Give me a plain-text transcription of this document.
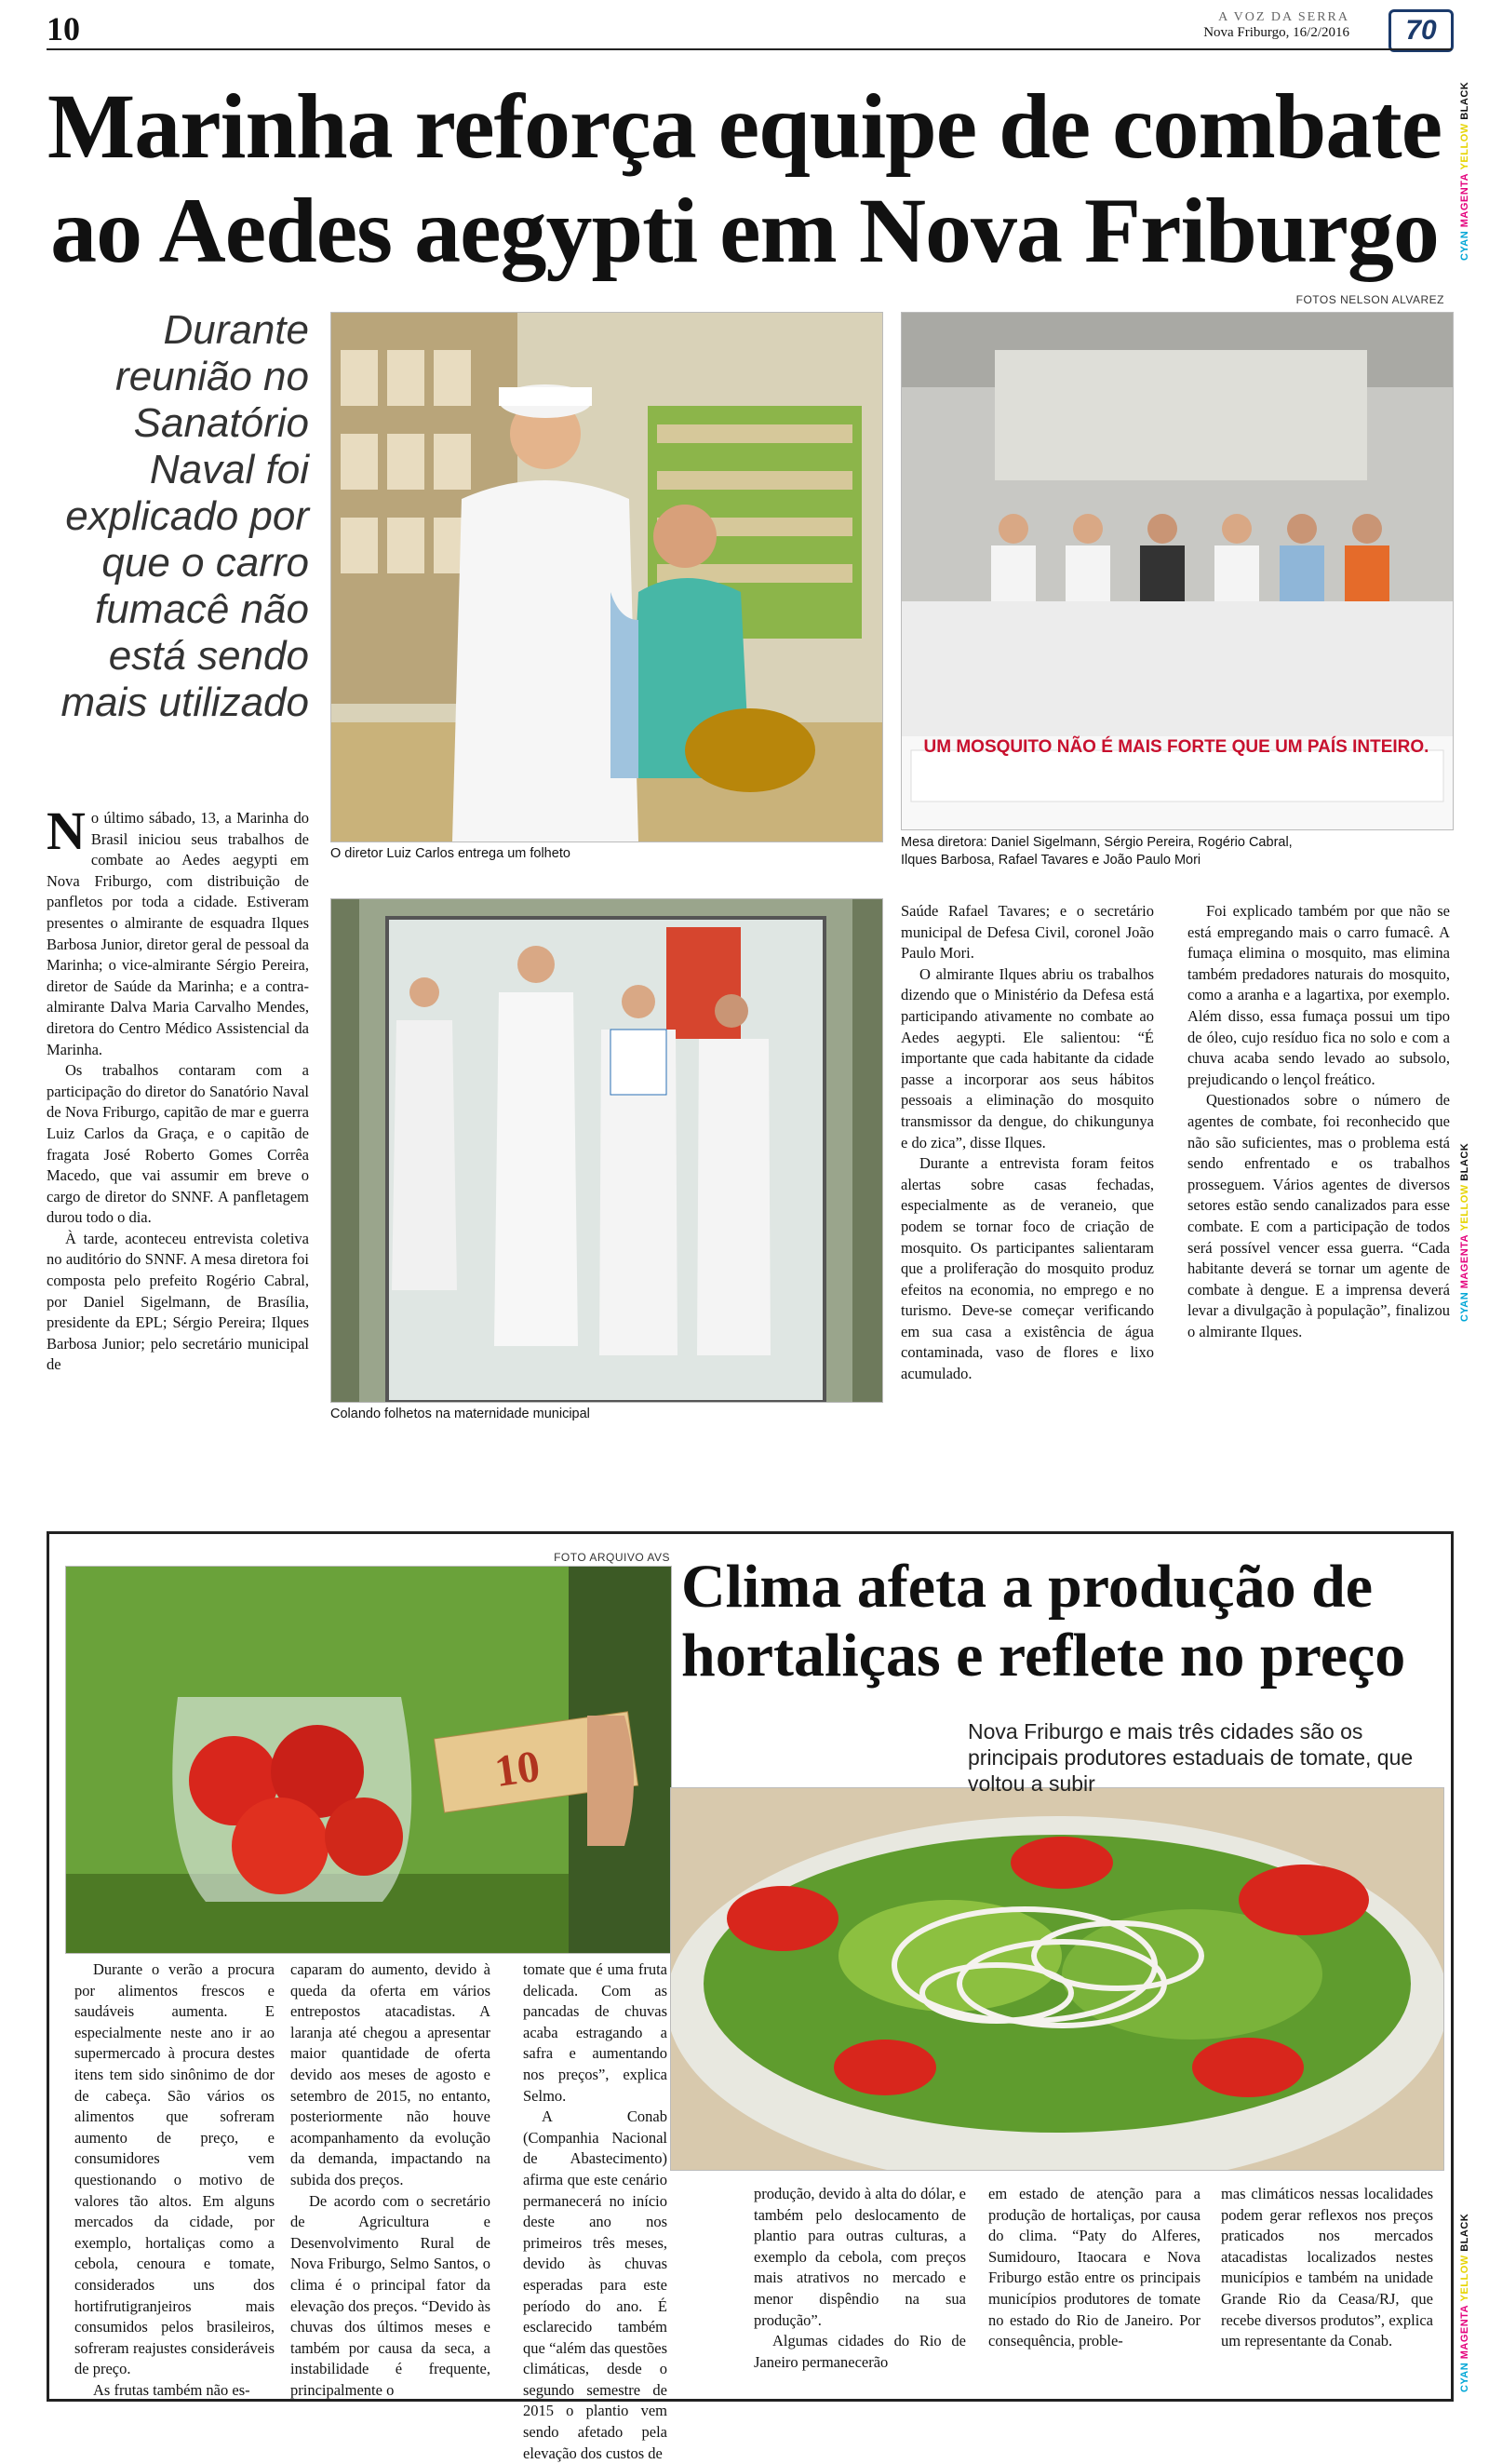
10	A VOZ DA SERRA
Nova Friburgo, 16/2/2016	70
CYAN MAGENTA YELLOW BLACK
CYAN MAGENTA YELLOW BLACK
CYAN MAGENTA YELLOW BLACK
Marinha reforça equipe de combate ao Aedes aegypti em Nova Friburgo
FOTOS NELSON ALVAREZ
Durante reunião no Sanatório Naval foi explicado por que o carro fumacê não está sendo mais utilizado
O diretor Luiz Carlos entrega um folheto
UM MOSQUITO NÃO É MAIS FORTE QUE UM PAÍS INTEIRO.
Mesa diretora: Daniel Sigelmann, Sérgio Pereira, Rogério Cabral, Ilques Barbosa, Rafael Tavares e João Paulo Mori
Colando folhetos na maternidade municipal

No último sábado, 13, a Marinha do Brasil iniciou seus trabalhos de combate ao Aedes aegypti em Nova Friburgo, com distribuição de panfletos por toda a cidade. Estiveram presentes o almirante de esquadra Ilques Barbosa Junior, diretor geral de pessoal da Marinha; o vice-almirante Sérgio Pereira, diretor de Saúde da Marinha; e a contra-almirante Dalva Maria Carvalho Mendes, diretora do Centro Médico Assistencial da Marinha.

Os trabalhos contaram com a participação do diretor do Sanatório Naval de Nova Friburgo, capitão de mar e guerra Luiz Carlos da Graça, e o capitão de fragata José Roberto Gomes Corrêa Macedo, que vai assumir em breve o cargo de diretor do SNNF. A panfletagem durou todo o dia.

À tarde, aconteceu entrevista coletiva no auditório do SNNF. A mesa diretora foi composta pelo prefeito Rogério Cabral, por Daniel Sigelmann, de Brasília, presidente da EPL; Sérgio Pereira; Ilques Barbosa Junior; pelo secretário municipal de

Saúde Rafael Tavares; e o secretário municipal de Defesa Civil, coronel João Paulo Mori.

O almirante Ilques abriu os trabalhos dizendo que o Ministério da Defesa está participando ativamente no combate ao Aedes aegypti. Ele salientou: “É importante que cada habitante da cidade passe a incorporar aos seus hábitos pessoais a eliminação do mosquito transmissor da dengue, do chikungunya e do zica”, disse Ilques.

Durante a entrevista foram feitos alertas sobre casas fechadas, especialmente as de veraneio, que podem se tornar foco de criação de mosquito. Os participantes salientaram que a proliferação do mosquito produz efeitos na economia, no emprego e no turismo. Deve-se começar verificando em sua casa a existência de água contaminada, vaso de flores e lixo acumulado.

Foi explicado também por que não se está empregando mais o carro fumacê. A fumaça elimina o mosquito, mas elimina também predadores naturais do mosquito, como a aranha e a lagartixa, por exemplo. Além disso, essa fumaça possui um tipo de óleo, cujo resíduo fica no solo e com a chuva acaba sendo levado ao subsolo, prejudicando o lençol freático.

Questionados sobre o número de agentes de combate, foi reconhecido que não são suficientes, mas o problema está sendo enfrentado e os trabalhos prosseguem. Vários agentes de diversos setores estão sendo canalizados para esse combate. E com a participação de todos será possível vencer essa guerra. “Cada habitante deverá se tornar um agente de combate à dengue. E a imprensa deverá levar a divulgação à população”, finalizou o almirante Ilques.

FOTO ARQUIVO AVS
10
Clima afeta a produção de hortaliças e reflete no preço
Nova Friburgo e mais três cidades são os principais produtores estaduais de tomate, que voltou a subir

Durante o verão a procura por alimentos frescos e saudáveis aumenta. E especialmente neste ano ir ao supermercado à procura destes itens tem sido sinônimo de dor de cabeça. São vários os alimentos que sofreram aumento de preço, e consumidores vem questionando o motivo de valores tão altos. Em alguns mercados da cidade, por exemplo, hortaliças como a cebola, cenoura e tomate, considerados uns dos hortifrutigranjeiros mais consumidos pelos brasileiros, sofreram reajustes consideráveis de preço.

As frutas também não es-

caparam do aumento, devido à queda da oferta em vários entrepostos atacadistas. A laranja até chegou a apresentar maior quantidade de oferta devido aos meses de agosto e setembro de 2015, no entanto, posteriormente não houve acompanhamento da evolução da demanda, impactando na subida dos preços.

De acordo com o secretário de Agricultura e Desenvolvimento Rural de Nova Friburgo, Selmo Santos, o clima é o principal fator da elevação dos preços. “Devido às chuvas dos últimos meses e também por causa da seca, a instabilidade é frequente, principalmente o

tomate que é uma fruta delicada. Com as pancadas de chuvas acaba estragando a safra e aumentando nos preços”, explica Selmo.

A Conab (Companhia Nacional de Abastecimento) afirma que este cenário permanecerá no início deste ano nos primeiros três meses, devido às chuvas esperadas para este período do ano. É esclarecido também que “além das questões climáticas, desde o segundo semestre de 2015 o plantio vem sendo afetado pela elevação dos custos de

produção, devido à alta do dólar, e também pelo deslocamento de plantio para outras culturas, a exemplo da cebola, com preços mais atrativos no mercado e menor dispêndio na sua produção”.

Algumas cidades do Rio de Janeiro permanecerão

em estado de atenção para a produção de hortaliças, por causa do clima. “Paty do Alferes, Sumidouro, Itaocara e Nova Friburgo estão entre os principais municípios produtores de tomate no estado do Rio de Janeiro. Por consequência, proble-

mas climáticos nessas localidades podem gerar reflexos nos preços praticados nos mercados atacadistas localizados nestes municípios e também na unidade Grande Rio da Ceasa/RJ, que recebe diversos produtos”, explica um representante da Conab.
